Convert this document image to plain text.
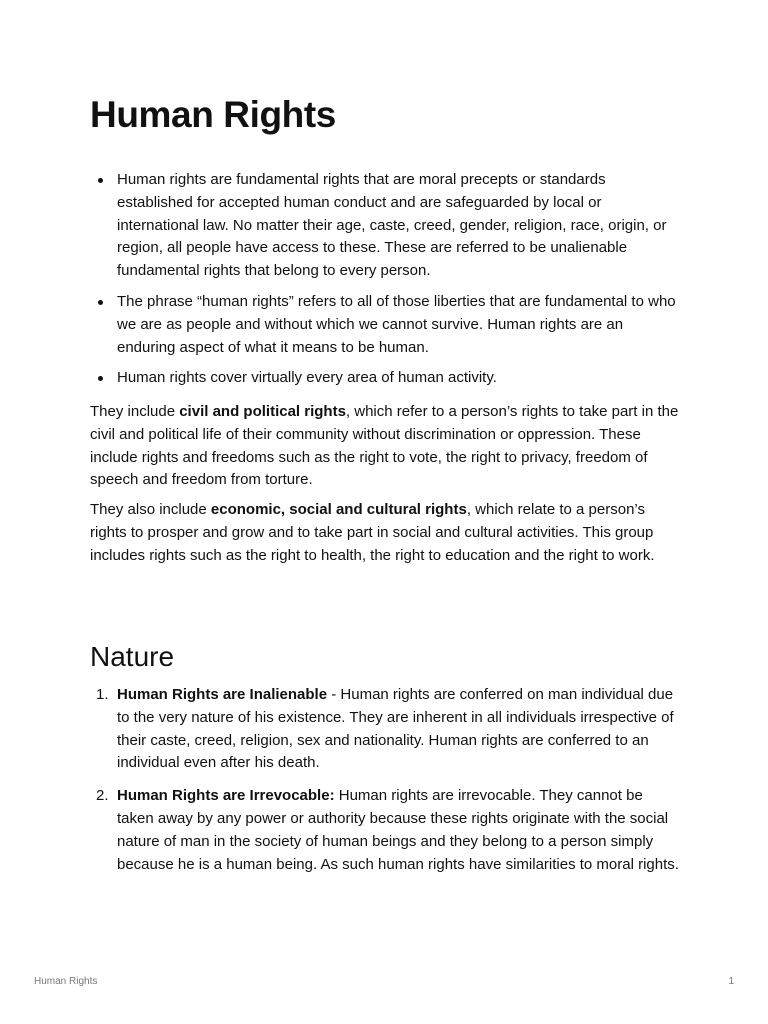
Human Rights
Human rights are fundamental rights that are moral precepts or standards established for accepted human conduct and are safeguarded by local or international law. No matter their age, caste, creed, gender, religion, race, origin, or region, all people have access to these. These are referred to be unalienable fundamental rights that belong to every person.
The phrase “human rights” refers to all of those liberties that are fundamental to who we are as people and without which we cannot survive. Human rights are an enduring aspect of what it means to be human.
Human rights cover virtually every area of human activity.

They include civil and political rights, which refer to a person’s rights to take part in the civil and political life of their community without discrimination or oppression. These include rights and freedoms such as the right to vote, the right to privacy, freedom of speech and freedom from torture.

They also include economic, social and cultural rights, which relate to a person’s rights to prosper and grow and to take part in social and cultural activities. This group includes rights such as the right to health, the right to education and the right to work.

Nature
1. Human Rights are Inalienable - Human rights are conferred on man individual due to the very nature of his existence. They are inherent in all individuals irrespective of their caste, creed, religion, sex and nationality. Human rights are conferred to an individual even after his death.
2. Human Rights are Irrevocable: Human rights are irrevocable. They cannot be taken away by any power or authority because these rights originate with the social nature of man in the society of human beings and they belong to a person simply because he is a human being. As such human rights have similarities to moral rights.
Human Rights	1
